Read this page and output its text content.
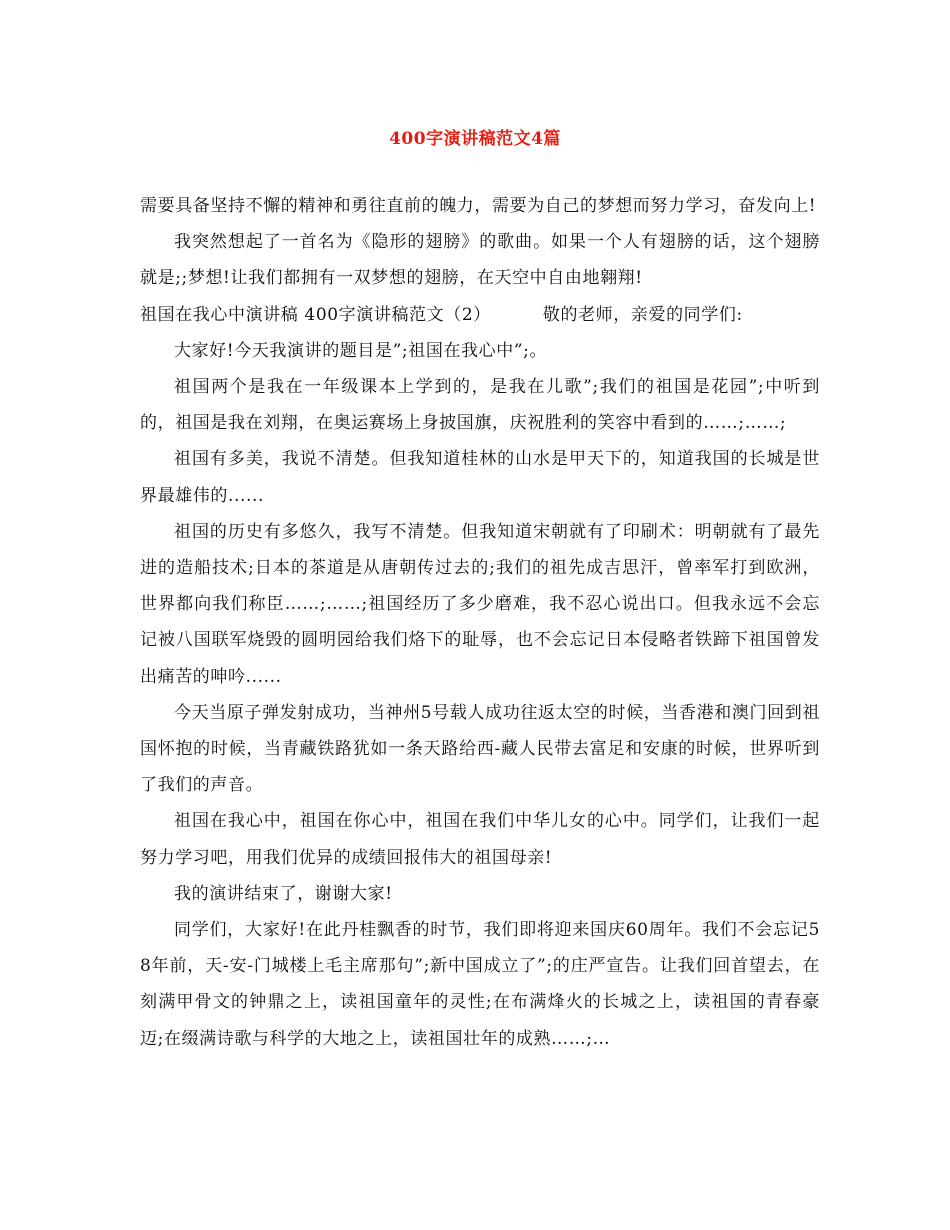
400字演讲稿范文4篇

需要具备坚持不懈的精神和勇往直前的魄力，需要为自己的梦想而努力学习，奋发向上!

我突然想起了一首名为《隐形的翅膀》的歌曲。如果一个人有翅膀的话，这个翅膀就是;;梦想!让我们都拥有一双梦想的翅膀，在天空中自由地翱翔!

祖国在我心中演讲稿 400字演讲稿范文（2）	敬的老师，亲爱的同学们:

大家好!今天我演讲的题目是”;祖国在我心中”;。

祖国两个是我在一年级课本上学到的，是我在儿歌”;我们的祖国是花园”;中听到的，祖国是我在刘翔，在奥运赛场上身披国旗，庆祝胜利的笑容中看到的……;……;

祖国有多美，我说不清楚。但我知道桂林的山水是甲天下的，知道我国的长城是世界最雄伟的......

祖国的历史有多悠久，我写不清楚。但我知道宋朝就有了印刷术：明朝就有了最先进的造船技术;日本的茶道是从唐朝传过去的;我们的祖先成吉思汗，曾率军打到欧洲，世界都向我们称臣……;……;祖国经历了多少磨难，我不忍心说出口。但我永远不会忘记被八国联军烧毁的圆明园给我们烙下的耻辱，也不会忘记日本侵略者铁蹄下祖国曾发出痛苦的呻吟......

今天当原子弹发射成功，当神州5号载人成功往返太空的时候，当香港和澳门回到祖国怀抱的时候，当青藏铁路犹如一条天路给西-藏人民带去富足和安康的时候，世界听到了我们的声音。

祖国在我心中，祖国在你心中，祖国在我们中华儿女的心中。同学们，让我们一起努力学习吧，用我们优异的成绩回报伟大的祖国母亲!

我的演讲结束了，谢谢大家!

同学们，大家好!在此丹桂飘香的时节，我们即将迎来国庆60周年。我们不会忘记58年前，天-安-门城楼上毛主席那句”;新中国成立了”;的庄严宣告。让我们回首望去，在刻满甲骨文的钟鼎之上，读祖国童年的灵性;在布满烽火的长城之上，读祖国的青春豪迈;在缀满诗歌与科学的大地之上，读祖国壮年的成熟……;…
